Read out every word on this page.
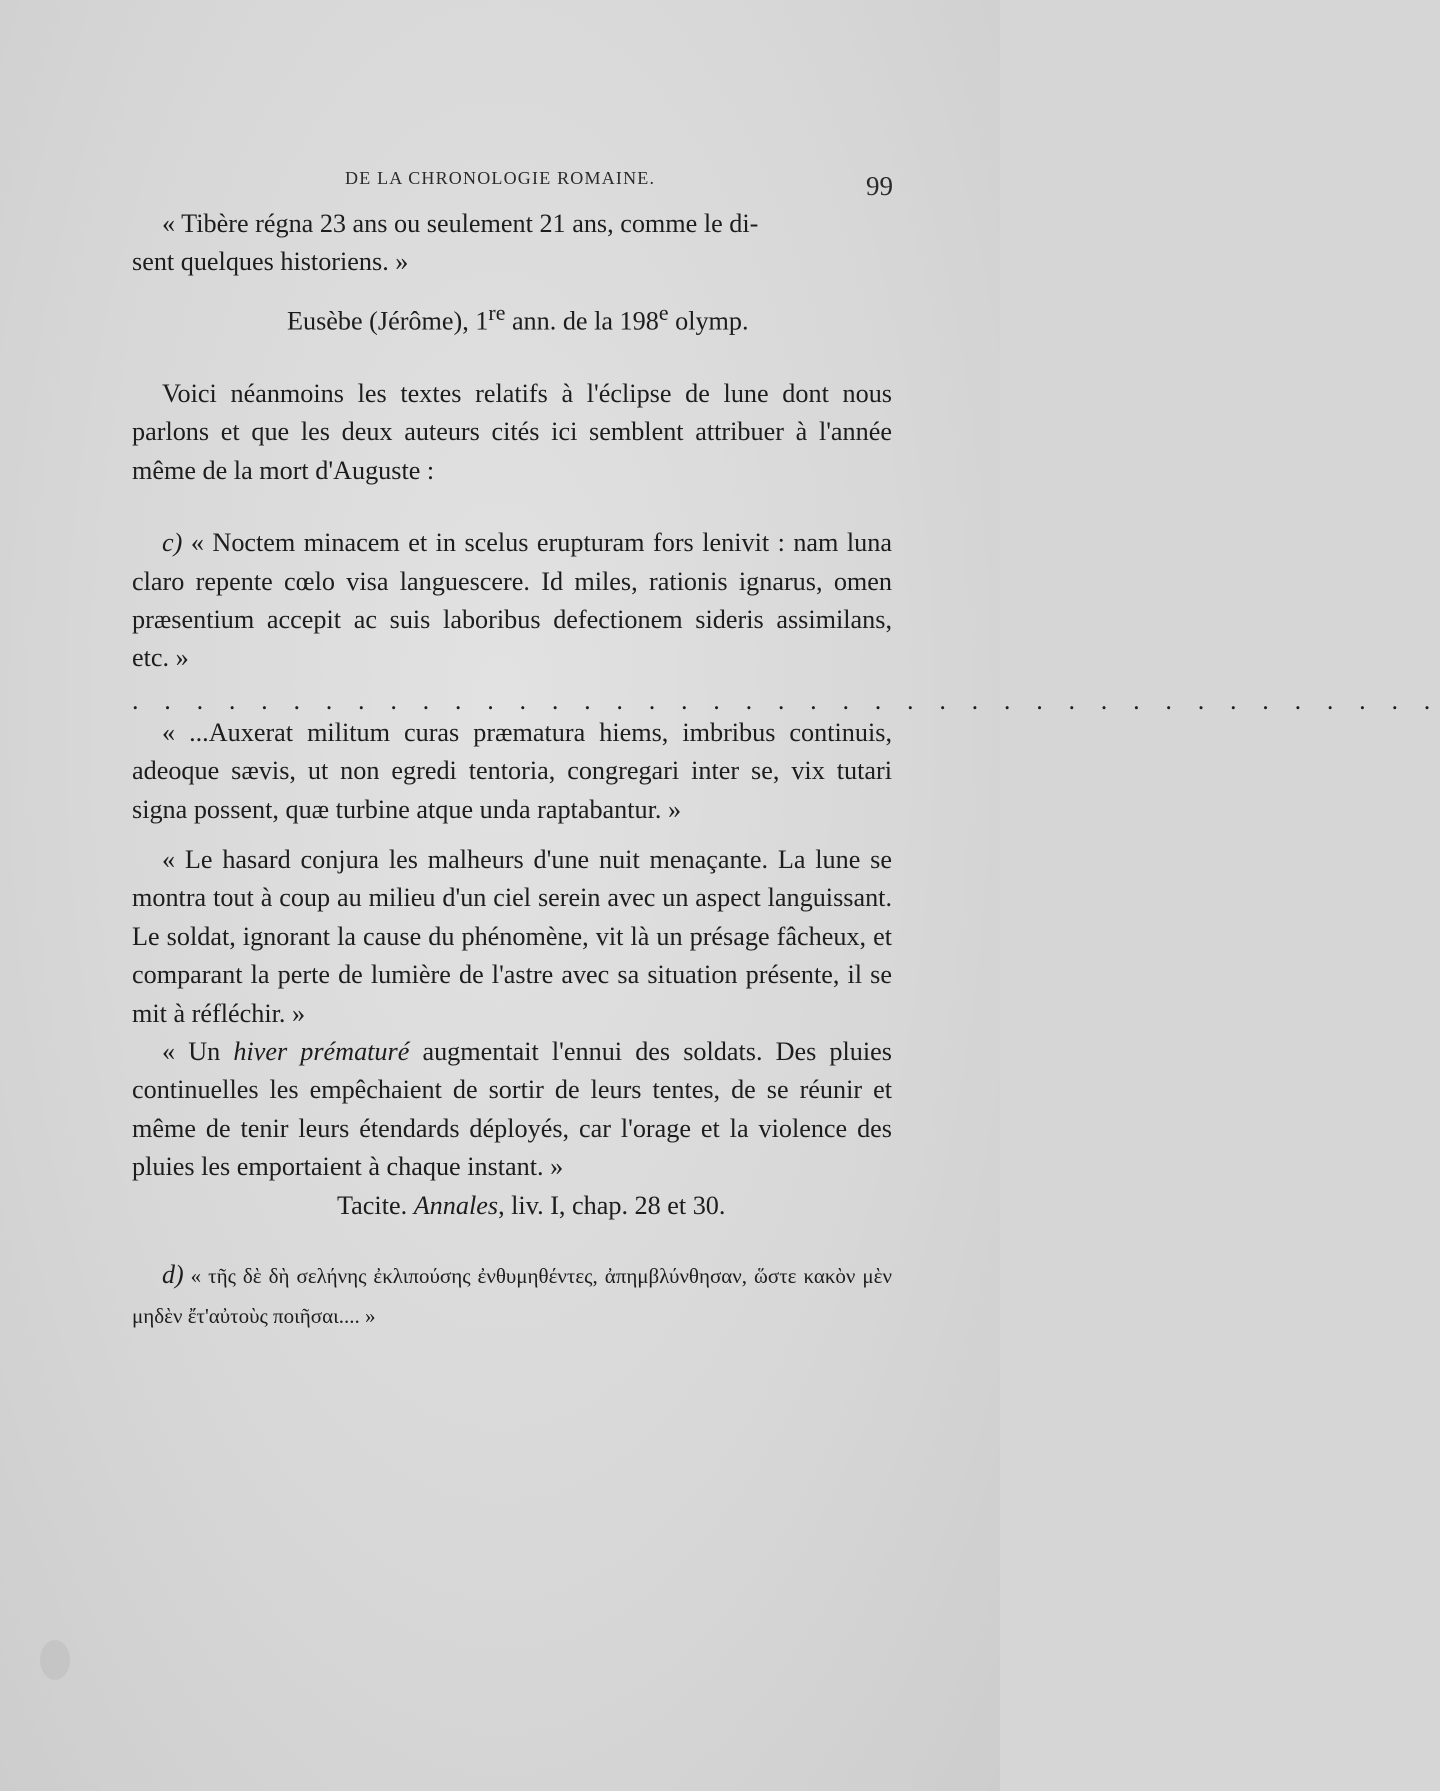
DE LA CHRONOLOGIE ROMAINE.	99

« Tibère régna 23 ans ou seulement 21 ans, comme le di-
sent quelques historiens. »

Eusèbe (Jérôme), 1re ann. de la 198e olymp.

Voici néanmoins les textes relatifs à l'éclipse de lune dont nous parlons et que les deux auteurs cités ici semblent attribuer à l'année même de la mort d'Auguste :

c) « Noctem minacem et in scelus erupturam fors lenivit : nam luna claro repente cœlo visa languescere. Id miles, rationis ignarus, omen præsentium accepit ac suis laboribus defectionem sideris assimilans, etc. »

. . . . . . . . . . . . . . . . . . . . . . . . . . . . . . . . . . . . . . . . .

« ...Auxerat militum curas præmatura hiems, imbribus continuis, adeoque sævis, ut non egredi tentoria, congregari inter se, vix tutari signa possent, quæ turbine atque unda raptabantur. »

« Le hasard conjura les malheurs d'une nuit menaçante. La lune se montra tout à coup au milieu d'un ciel serein avec un aspect languissant. Le soldat, ignorant la cause du phénomène, vit là un présage fâcheux, et comparant la perte de lumière de l'astre avec sa situation présente, il se mit à réfléchir. »

« Un hiver prématuré augmentait l'ennui des soldats. Des pluies continuelles les empêchaient de sortir de leurs tentes, de se réunir et même de tenir leurs étendards déployés, car l'orage et la violence des pluies les emportaient à chaque instant. »

Tacite. Annales, liv. I, chap. 28 et 30.

d) « τῆς δὲ δὴ σελήνης ἐκλιπούσης ἐνθυμηθέντες, ἀπημβλύνθησαν, ὥστε κακὸν μὲν μηδὲν ἔτ'αὐτοὺς ποιῆσαι.... »
